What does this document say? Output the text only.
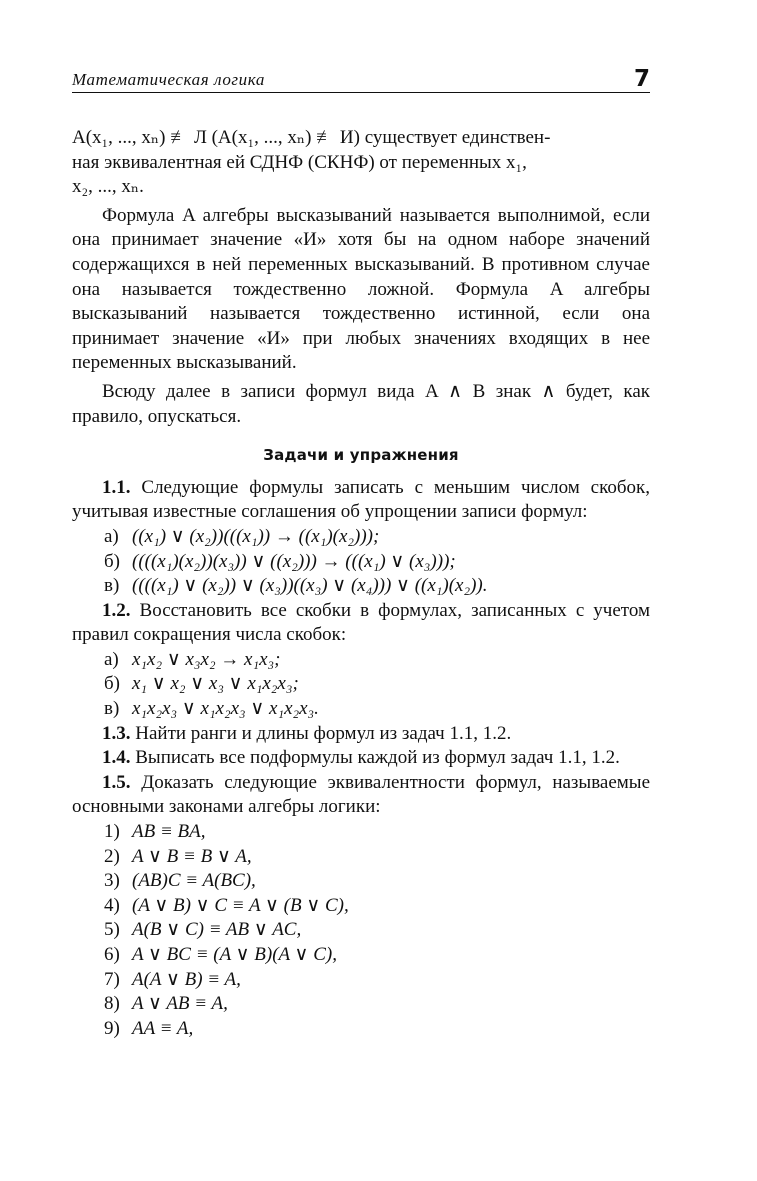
Математическая логика	7

A(x₁, ..., xₙ) ≢ Л (A(x₁, ..., xₙ) ≢ И) существует единствен-
ная эквивалентная ей СДНФ (СКНФ) от переменных x₁,
x₂, ..., xₙ.

Формула A алгебры высказываний называется выполнимой, если она принимает значение «И» хотя бы на одном наборе значений содержащихся в ней переменных высказываний. В противном случае она называется тождественно ложной. Формула A алгебры высказываний называется тождественно истинной, если она принимает значение «И» при любых значениях входящих в нее переменных высказываний.

Всюду далее в записи формул вида A ∧ B знак ∧ будет, как правило, опускаться.

Задачи и упражнения

1.1. Следующие формулы записать с меньшим числом скобок, учитывая известные соглашения об упрощении записи формул:

а) ((x₁) ∨ (x₂))(((x₁)) → ((x₁)(x₂)));
б) ((((x₁)(x₂))(x₃)) ∨ ((x₂))) → (((x₁) ∨ (x₃)));
в) ((((x₁) ∨ (x₂)) ∨ (x₃))((x₃) ∨ (x₄))) ∨ ((x₁)(x₂)).

1.2. Восстановить все скобки в формулах, записанных с учетом правил сокращения числа скобок:

а) x₁x₂ ∨ x₃x₂ → x₁x₃;
б) x₁ ∨ x₂ ∨ x₃ ∨ x₁x₂x₃;
в) x₁x₂x₃ ∨ x₁x₂x₃ ∨ x₁x₂x₃.

1.3. Найти ранги и длины формул из задач 1.1, 1.2.

1.4. Выписать все подформулы каждой из формул задач 1.1, 1.2.

1.5. Доказать следующие эквивалентности формул, называемые основными законами алгебры логики:

1) AB ≡ BA,
2) A ∨ B ≡ B ∨ A,
3) (AB)C ≡ A(BC),
4) (A ∨ B) ∨ C ≡ A ∨ (B ∨ C),
5) A(B ∨ C) ≡ AB ∨ AC,
6) A ∨ BC ≡ (A ∨ B)(A ∨ C),
7) A(A ∨ B) ≡ A,
8) A ∨ AB ≡ A,
9) AA ≡ A,
